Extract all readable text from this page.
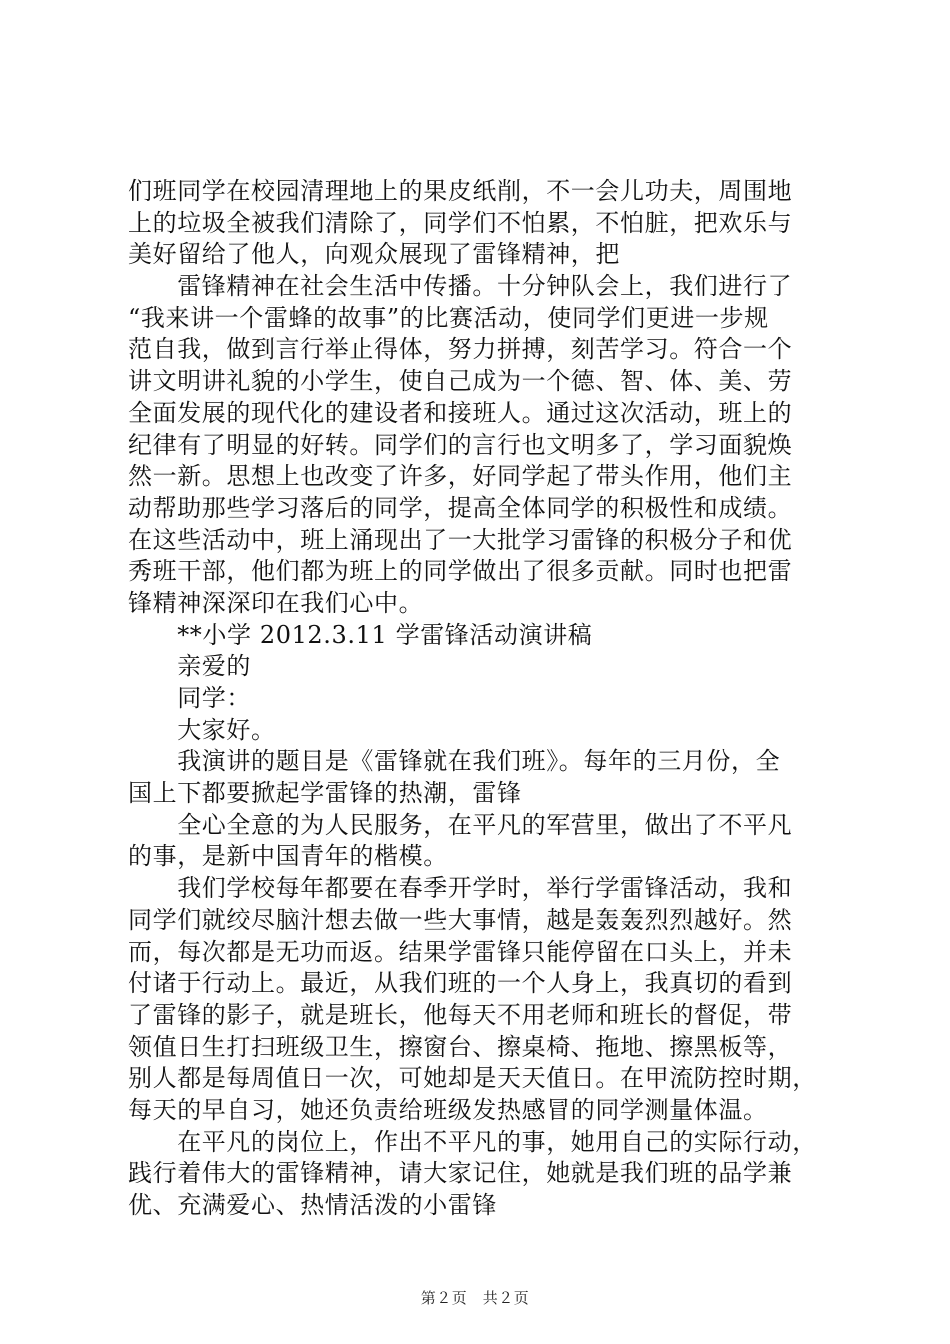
们班同学在校园清理地上的果皮纸削，不一会儿功夫，周围地
上的垃圾全被我们清除了，同学们不怕累，不怕脏，把欢乐与
美好留给了他人，向观众展现了雷锋精神，把
　　雷锋精神在社会生活中传播。十分钟队会上，我们进行了
“我来讲一个雷蜂的故事”的比赛活动，使同学们更进一步规
范自我，做到言行举止得体，努力拼搏，刻苦学习。符合一个
讲文明讲礼貌的小学生，使自己成为一个德、智、体、美、劳
全面发展的现代化的建设者和接班人。通过这次活动，班上的
纪律有了明显的好转。同学们的言行也文明多了，学习面貌焕
然一新。思想上也改变了许多，好同学起了带头作用，他们主
动帮助那些学习落后的同学，提高全体同学的积极性和成绩。
在这些活动中，班上涌现出了一大批学习雷锋的积极分子和优
秀班干部，他们都为班上的同学做出了很多贡献。同时也把雷
锋精神深深印在我们心中。
　　**小学 2012.3.11 学雷锋活动演讲稿
　　亲爱的
　　同学：
　　大家好。
　　我演讲的题目是《雷锋就在我们班》。每年的三月份，全
国上下都要掀起学雷锋的热潮，雷锋
　　全心全意的为人民服务，在平凡的军营里，做出了不平凡
的事，是新中国青年的楷模。
　　我们学校每年都要在春季开学时，举行学雷锋活动，我和
同学们就绞尽脑汁想去做一些大事情，越是轰轰烈烈越好。然
而，每次都是无功而返。结果学雷锋只能停留在口头上，并未
付诸于行动上。最近，从我们班的一个人身上，我真切的看到
了雷锋的影子，就是班长，他每天不用老师和班长的督促，带
领值日生打扫班级卫生，擦窗台、擦桌椅、拖地、擦黑板等，
别人都是每周值日一次，可她却是天天值日。在甲流防控时期，
每天的早自习，她还负责给班级发热感冒的同学测量体温。
　　在平凡的岗位上，作出不平凡的事，她用自己的实际行动，
践行着伟大的雷锋精神，请大家记住，她就是我们班的品学兼
优、充满爱心、热情活泼的小雷锋
第２页　共２页
